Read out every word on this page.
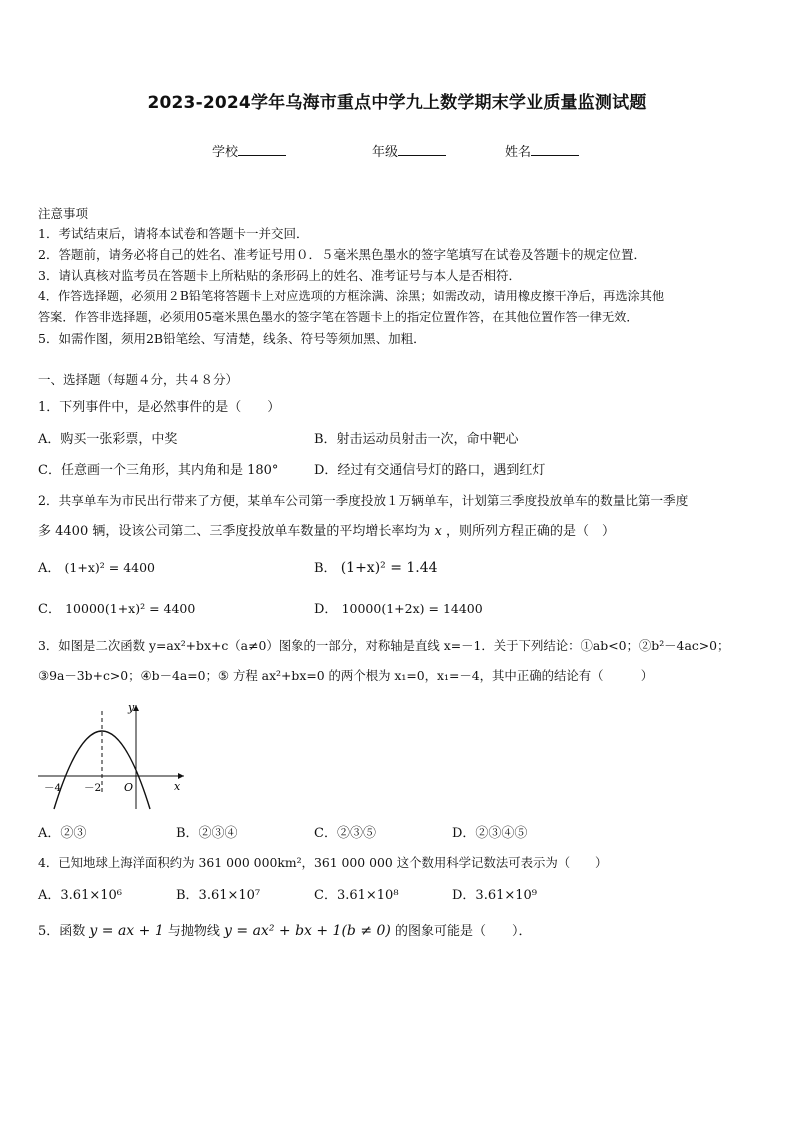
2023-2024学年乌海市重点中学九上数学期末学业质量监测试题
学校	年级	姓名
注意事项
1．考试结束后，请将本试卷和答题卡一并交回．
2．答题前，请务必将自己的姓名、准考证号用０．５毫米黑色墨水的签字笔填写在试卷及答题卡的规定位置．
3．请认真核对监考员在答题卡上所粘贴的条形码上的姓名、准考证号与本人是否相符．
4．作答选择题，必须用２B铅笔将答题卡上对应选项的方框涂满、涂黑；如需改动，请用橡皮擦干净后，再选涂其他
答案．作答非选择题，必须用05毫米黑色墨水的签字笔在答题卡上的指定位置作答，在其他位置作答一律无效．
5．如需作图，须用2B铅笔绘、写清楚，线条、符号等须加黑、加粗．
一、选择题（每题４分，共４８分）
1．下列事件中，是必然事件的是（　　）
A．购买一张彩票，中奖	B．射击运动员射击一次，命中靶心
C．任意画一个三角形，其内角和是 180°	D．经过有交通信号灯的路口，遇到红灯
2．共享单车为市民出行带来了方便，某单车公司第一季度投放１万辆单车，计划第三季度投放单车的数量比第一季度
多 4400 辆，设该公司第二、三季度投放单车数量的平均增长率均为 x ，则所列方程正确的是（　）
A． (1+x)² = 4400	B． (1+x)² = 1.44
C． 10000(1+x)² = 4400	D． 10000(1+2x) = 14400
3．如图是二次函数 y=ax²+bx+c（a≠0）图象的一部分，对称轴是直线 x=－1．关于下列结论：①ab<0；②b²－4ac>0；
③9a－3b+c>0；④b－4a=0；⑤ 方程 ax²+bx=0 的两个根为 x₁=0，x₁=－4，其中正确的结论有（　　　）
y
x
O
－4 －2
A．②③	B．②③④	C．②③⑤	D．②③④⑤
4．已知地球上海洋面积约为 361 000 000km²，361 000 000 这个数用科学记数法可表示为（　　）
A．3.61×10⁶	B．3.61×10⁷	C．3.61×10⁸	D．3.61×10⁹
5．函数 y = ax + 1 与抛物线 y = ax² + bx + 1(b ≠ 0) 的图象可能是（　　）．
